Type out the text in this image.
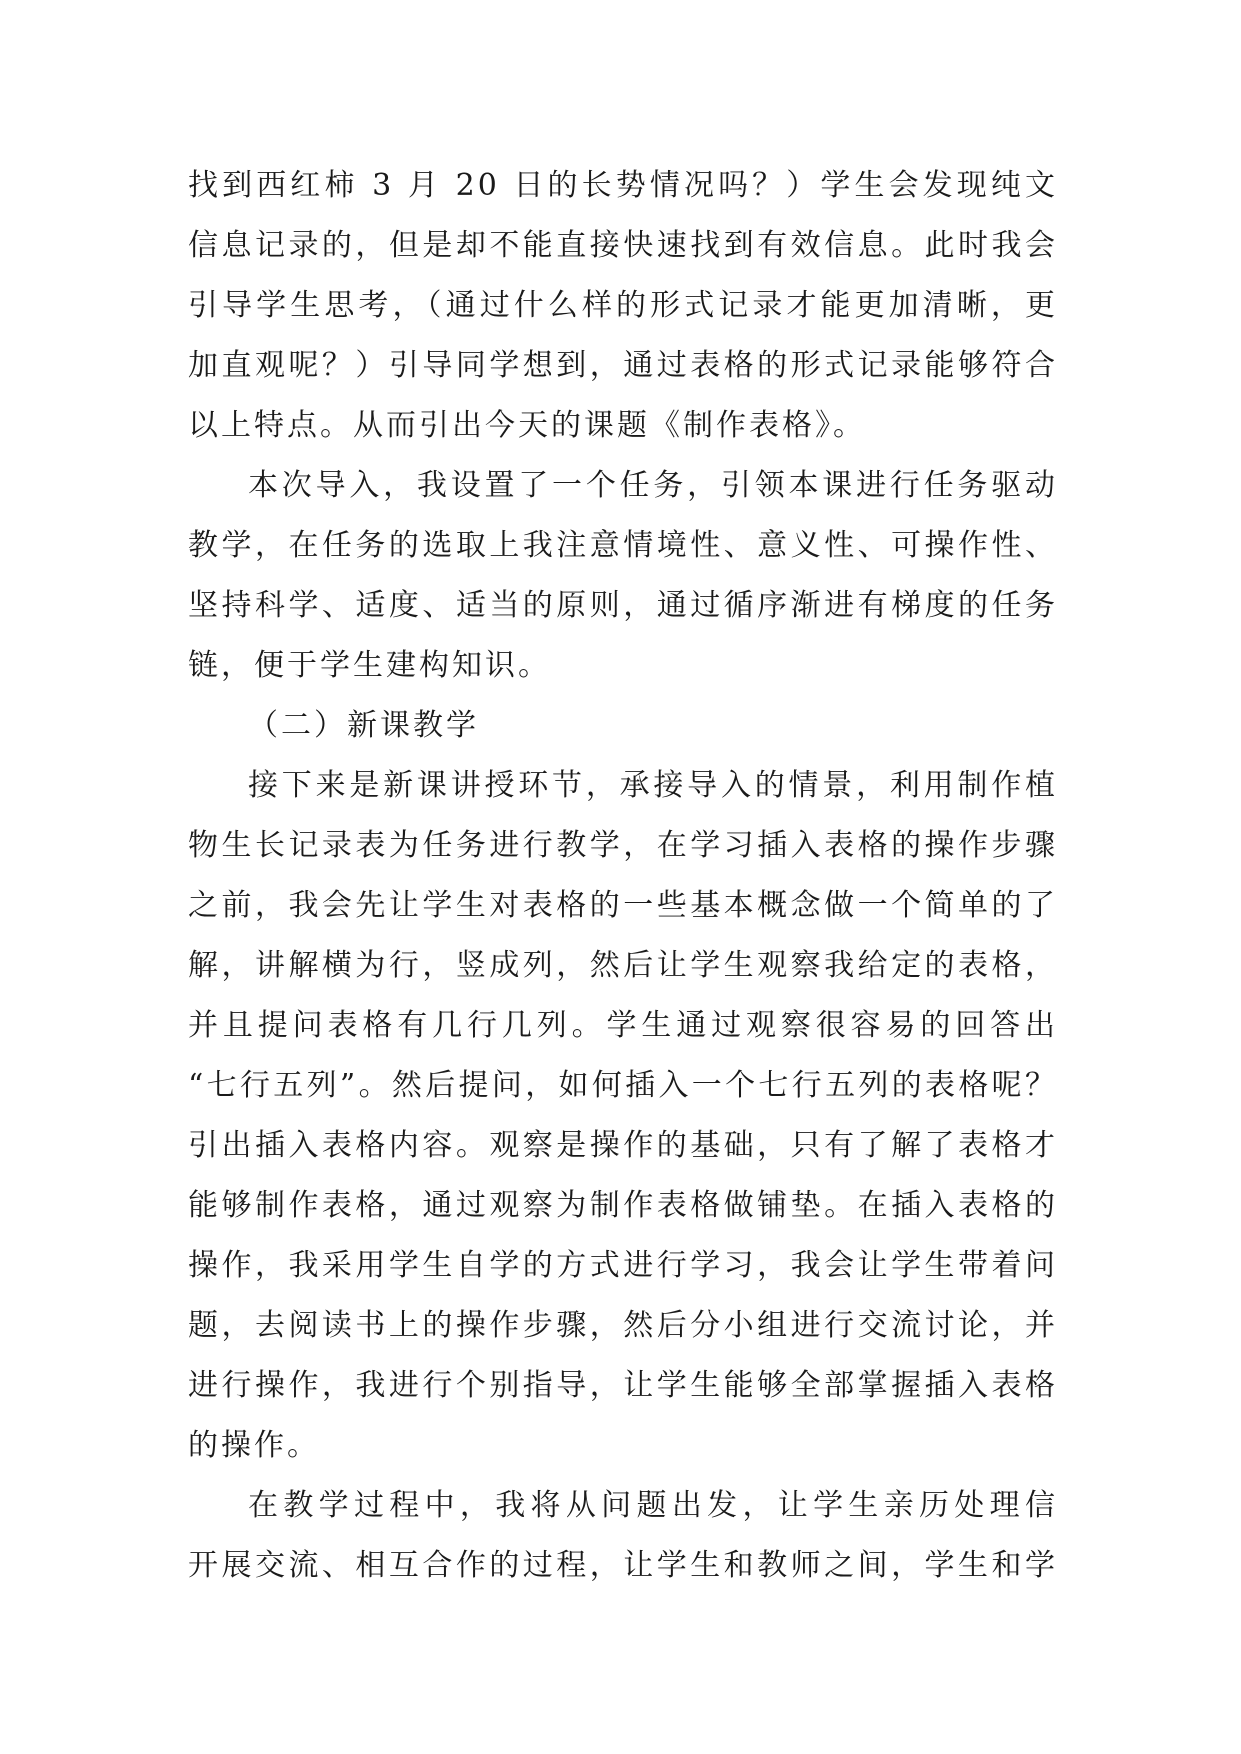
找到西红柿 3 月 20 日的长势情况吗？）学生会发现纯文
信息记录的，但是却不能直接快速找到有效信息。此时我会
引导学生思考，（通过什么样的形式记录才能更加清晰，更
加直观呢？）引导同学想到，通过表格的形式记录能够符合
以上特点。从而引出今天的课题《制作表格》。
本次导入，我设置了一个任务，引领本课进行任务驱动
教学，在任务的选取上我注意情境性、意义性、可操作性、
坚持科学、适度、适当的原则，通过循序渐进有梯度的任务
链，便于学生建构知识。
（二）新课教学
接下来是新课讲授环节，承接导入的情景，利用制作植
物生长记录表为任务进行教学，在学习插入表格的操作步骤
之前，我会先让学生对表格的一些基本概念做一个简单的了
解，讲解横为行，竖成列，然后让学生观察我给定的表格，
并且提问表格有几行几列。学生通过观察很容易的回答出
“七行五列”。然后提问，如何插入一个七行五列的表格呢？
引出插入表格内容。观察是操作的基础，只有了解了表格才
能够制作表格，通过观察为制作表格做铺垫。在插入表格的
操作，我采用学生自学的方式进行学习，我会让学生带着问
题，去阅读书上的操作步骤，然后分小组进行交流讨论，并
进行操作，我进行个别指导，让学生能够全部掌握插入表格
的操作。
在教学过程中，我将从问题出发，让学生亲历处理信
开展交流、相互合作的过程，让学生和教师之间，学生和学
